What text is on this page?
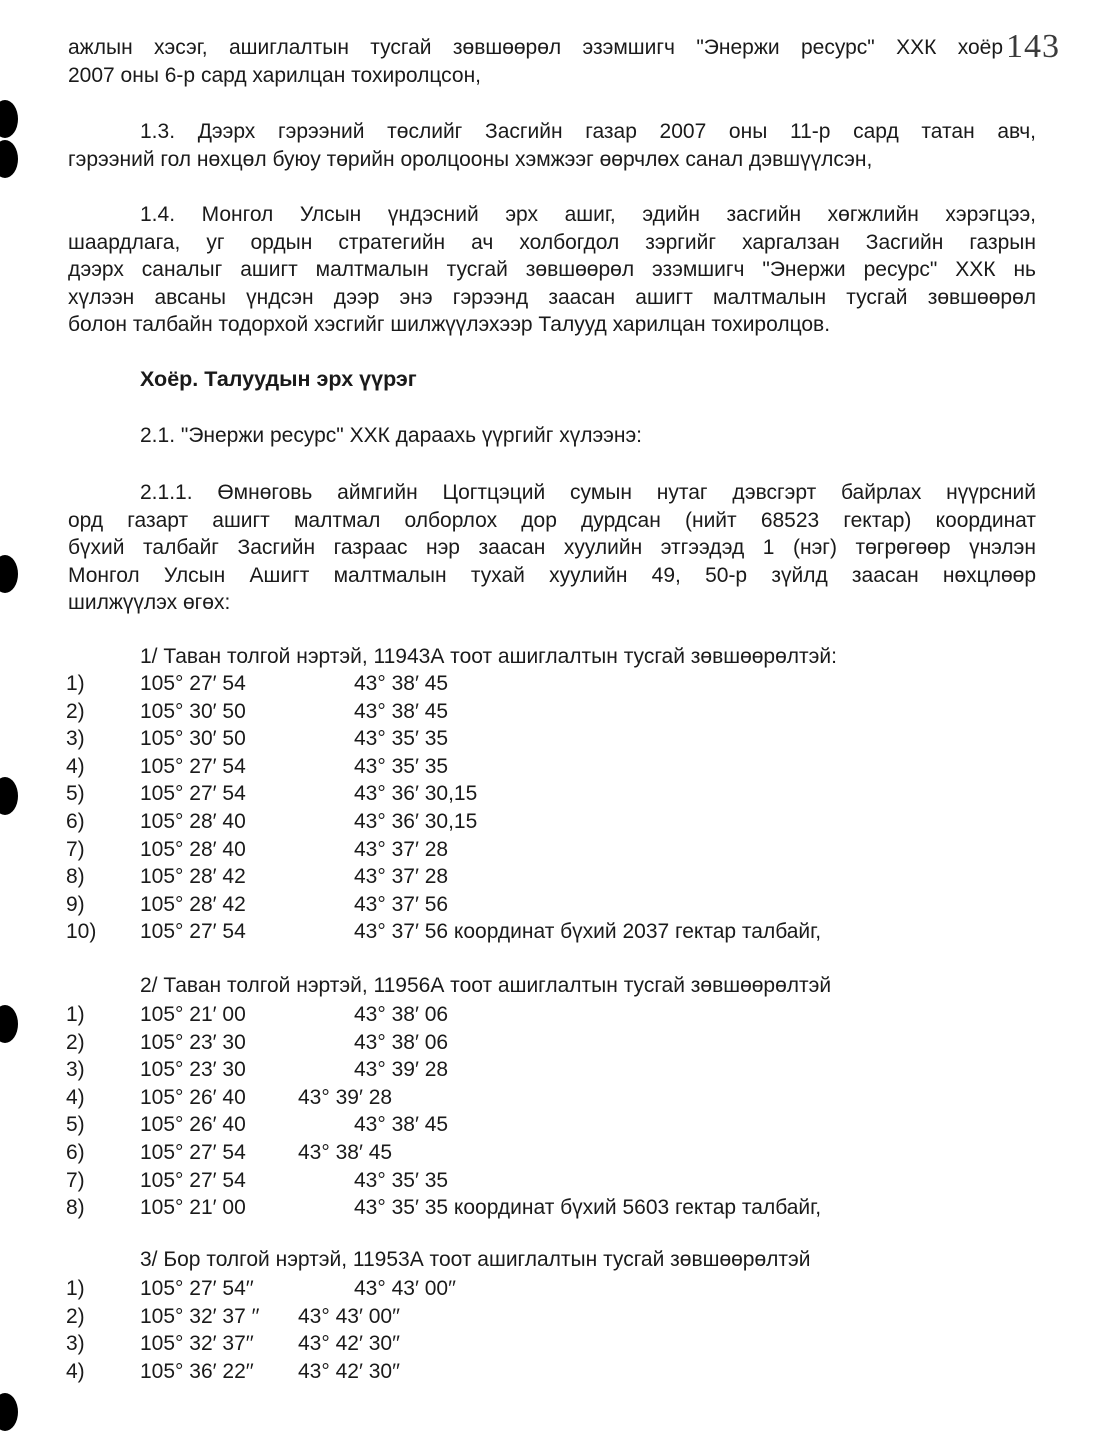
143
ажлын хэсэг, ашиглалтын тусгай зөвшөөрөл эзэмшигч "Энержи ресурс" ХХК хоёр
2007 оны 6-р сард харилцан тохиролцсон,
1.3. Дээрх гэрээний төслийг Засгийн газар 2007 оны 11-р сард татан авч,
гэрээний гол нөхцөл буюу төрийн оролцооны хэмжээг өөрчлөх санал дэвшүүлсэн,
1.4. Монгол Улсын үндэсний эрх ашиг, эдийн засгийн хөгжлийн хэрэгцээ,
шаардлага, уг ордын стратегийн ач холбогдол зэргийг харгалзан Засгийн газрын
дээрх саналыг ашигт малтмалын тусгай зөвшөөрөл эзэмшигч "Энержи ресурс" ХХК нь
хүлээн авсаны үндсэн дээр энэ гэрээнд заасан ашигт малтмалын тусгай зөвшөөрөл
болон талбайн тодорхой хэсгийг шилжүүлэхээр Талууд харилцан тохиролцов.
Хоёр. Талуудын эрх үүрэг
2.1. "Энержи ресурс" ХХК дараахь үүргийг хүлээнэ:
2.1.1. Өмнөговь аймгийн Цогтцэций сумын нутаг дэвсгэрт байрлах нүүрсний
орд газарт ашигт малтмал олборлох дор дурдсан (нийт 68523 гектар) координат
бүхий талбайг Засгийн газраас нэр заасан хуулийн этгээдэд 1 (нэг) төгрөгөөр үнэлэн
Монгол Улсын Ашигт малтмалын тухай хуулийн 49, 50-р зүйлд заасан нөхцлөөр
шилжүүлэх өгөх:
1/ Таван толгой нэртэй, 11943А тоот ашиглалтын тусгай зөвшөөрөлтэй:
1)	105° 27′ 54	43° 38′ 45
2)	105° 30′ 50	43° 38′ 45
3)	105° 30′ 50	43° 35′ 35
4)	105° 27′ 54	43° 35′ 35
5)	105° 27′ 54	43° 36′ 30,15
6)	105° 28′ 40	43° 36′ 30,15
7)	105° 28′ 40	43° 37′ 28
8)	105° 28′ 42	43° 37′ 28
9)	105° 28′ 42	43° 37′ 56
10) 105° 27′ 54	43° 37′ 56 координат бүхий 2037 гектар талбайг,
2/ Таван толгой нэртэй, 11956А тоот ашиглалтын тусгай зөвшөөрөлтэй
1)	105° 21′ 00	43° 38′ 06
2)	105° 23′ 30	43° 38′ 06
3)	105° 23′ 30	43° 39′ 28
4)	105° 26′ 40 43° 39′ 28
5)	105° 26′ 40	43° 38′ 45
6)	105° 27′ 54 43° 38′ 45
7)	105° 27′ 54	43° 35′ 35
8)	105° 21′ 00	43° 35′ 35 координат бүхий 5603 гектар талбайг,
3/ Бор толгой нэртэй, 11953А тоот ашиглалтын тусгай зөвшөөрөлтэй
1)	105° 27′ 54′′	43° 43′ 00′′
2)	105° 32′ 37 ′′ 43° 43′ 00′′
3)	105° 32′ 37′′ 43° 42′ 30′′
4)	105° 36′ 22′′ 43° 42′ 30′′
